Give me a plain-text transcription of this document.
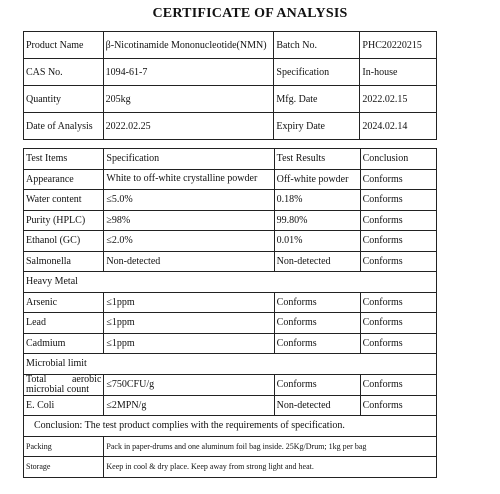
CERTIFICATE OF ANALYSIS
Product Name	β-Nicotinamide Mononucleotide(NMN)	Batch No.	PHC20220215
CAS No.	1094-61-7	Specification	In-house
Quantity	205kg	Mfg. Date	2022.02.15
Date of Analysis	2022.02.25	Expiry Date	2024.02.14
Test Items	Specification	Test Results	Conclusion
Appearance	White to off-white crystalline powder	Off-white powder	Conforms
Water content	≤5.0%	0.18%	Conforms
Purity (HPLC)	≥98%	99.80%	Conforms
Ethanol (GC)	≤2.0%	0.01%	Conforms
Salmonella	Non-detected	Non-detected	Conforms
Heavy Metal			
Arsenic	≤1ppm	Conforms	Conforms
Lead	≤1ppm	Conforms	Conforms
Cadmium	≤1ppm	Conforms	Conforms
Microbial limit			

Total aerobic
microbial count	≤750CFU/g	Conforms	Conforms
E. Coli	≤2MPN/g	Non-detected	Conforms
Conclusion: The test product complies with the requirements of specification.			
Packing	Pack in paper-drums and one aluminum foil bag inside. 25Kg/Drum; 1kg per bag		
Storage	Keep in cool & dry place. Keep away from strong light and heat.		
